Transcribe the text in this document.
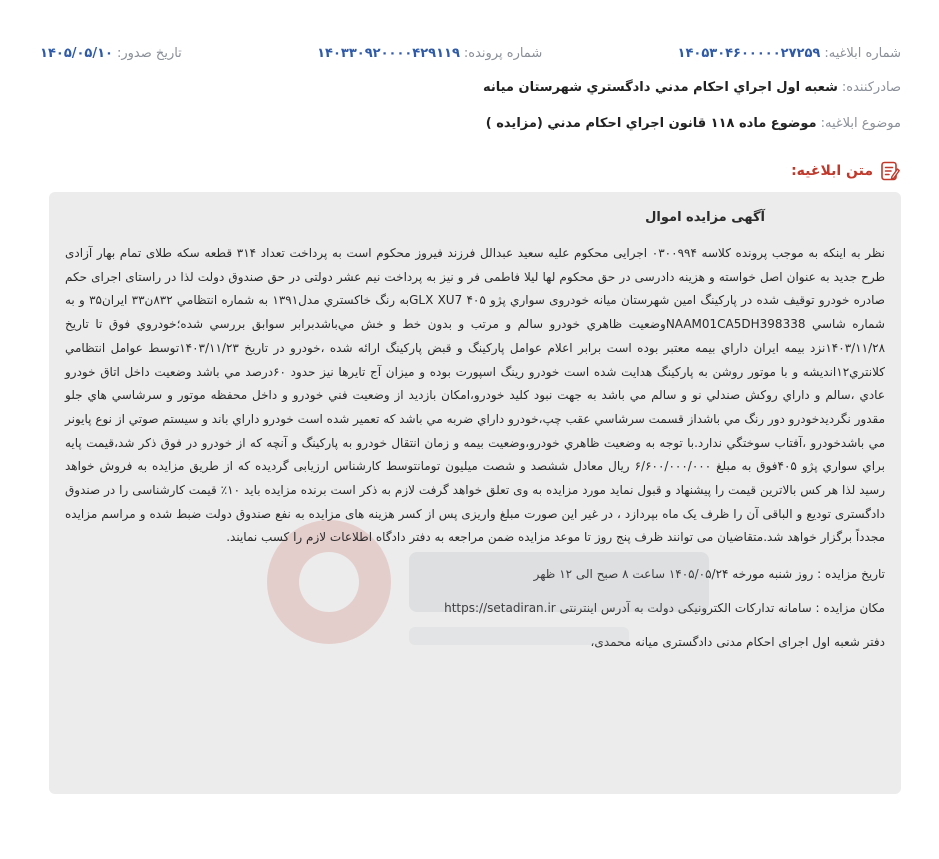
شماره ابلاغیه:
۱۴۰۵۳۰۴۶۰۰۰۰۰۲۷۲۵۹
شماره پرونده:
۱۴۰۳۳۰۹۲۰۰۰۰۴۲۹۱۱۹
تاریخ صدور:
۱۴۰۵/۰۵/۱۰
صادرکننده:
شعبه اول اجراي احكام مدني دادگستري شهرستان ميانه
موضوع ابلاغیه:
موضوع ماده ۱۱۸ قانون اجراي احكام مدني (مزايده )
متن ابلاغیه:
آگهی مزایده اموال

نظر به اینکه به موجب پرونده کلاسه ۰۳۰۰۹۹۴ اجرایی محکوم علیه سعید عبدالل فرزند فیروز محکوم است به پرداخت تعداد ۳۱۴ قطعه سکه طلای تمام بهار آزادی طرح جدید به عنوان اصل خواسته و هزینه دادرسی در حق محکوم لها لیلا فاطمی فر و نیز به پرداخت نیم عشر دولتی در حق صندوق دولت لذا در راستای اجرای حکم صادره خودرو توقیف شده در پارکینگ امین شهرستان میانه خودروی سواري پژو ۴۰۵ GLX XU7به رنگ خاكستري مدل۱۳۹۱ به شماره انتظامي ۸۳۲ن۳۳ ايران۳۵ و به شماره شاسي NAAM01CA5DH398338وضعيت ظاهري خودرو سالم و مرتب و بدون خط و خش مي‌باشدبرابر سوابق بررسي شده؛خودروي فوق تا تاريخ ۱۴۰۳/۱۱/۲۸نزد بيمه ايران داراي بيمه معتبر بوده است برابر اعلام عوامل پاركينگ و قبض پاركينگ ارائه شده ،خودرو در تاريخ ۱۴۰۳/۱۱/۲۳توسط عوامل انتظامي كلانتري۱۲انديشه و با موتور روشن به پاركينگ هدايت شده است خودرو رينگ اسپورت بوده و ميزان آج تايرها نيز حدود ۶۰درصد مي باشد وضعيت داخل اتاق خودرو عادي ،سالم و داراي روكش صندلي نو و سالم مي باشد به جهت نبود كليد خودرو،امكان بازديد از وضعيت فني خودرو و داخل محفظه موتور و سرشاسي هاي جلو مقدور نگرديدخودرو دور رنگ مي باشداز قسمت سرشاسي عقب چپ،خودرو داراي ضربه مي باشد كه تعمير شده است خودرو داراي باند و سيستم صوتي از نوع پايونر مي باشدخودرو ،آفتاب سوختگي ندارد.با توجه به وضعيت ظاهري خودرو،وضعيت بيمه و زمان انتقال خودرو به پاركينگ و آنچه كه از خودرو در فوق ذكر شد،قيمت پايه براي سواري پژو ۴۰۵فوق به مبلغ ۶/۶۰۰/۰۰۰/۰۰۰ ريال معادل ششصد و شصت ميليون تومانتوسط كارشناس ارزيابی گرديده که از طريق مزايده به فروش خواهد رسيد لذا هر کس بالاترين قيمت را پيشنهاد و قبول نمايد مورد مزايده به وی تعلق خواهد گرفت لازم به ذکر است برنده مزايده بايد ۱۰٪ قيمت کارشناسی را در صندوق دادگستری توديع و الباقی آن را ظرف يک ماه بپردازد ، در غير اين صورت مبلغ واريزی پس از کسر هزينه های مزايده به نفع صندوق دولت ضبط شده و مراسم مزايده مجدداً برگزار خواهد شد.متقاضيان می توانند ظرف پنج روز تا موعد مزايده ضمن مراجعه به دفتر دادگاه اطلاعات لازم را کسب نمايند.

تاریخ مزایده : روز شنبه مورخه ۱۴۰۵/۰۵/۲۴ ساعت ۸ صبح الی ۱۲ ظهر
مکان مزایده : سامانه تدارکات الکترونیکی دولت به آدرس اینترنتی https://setadiran.ir
دفتر شعبه اول اجرای احکام مدنی دادگستری میانه محمدی،
